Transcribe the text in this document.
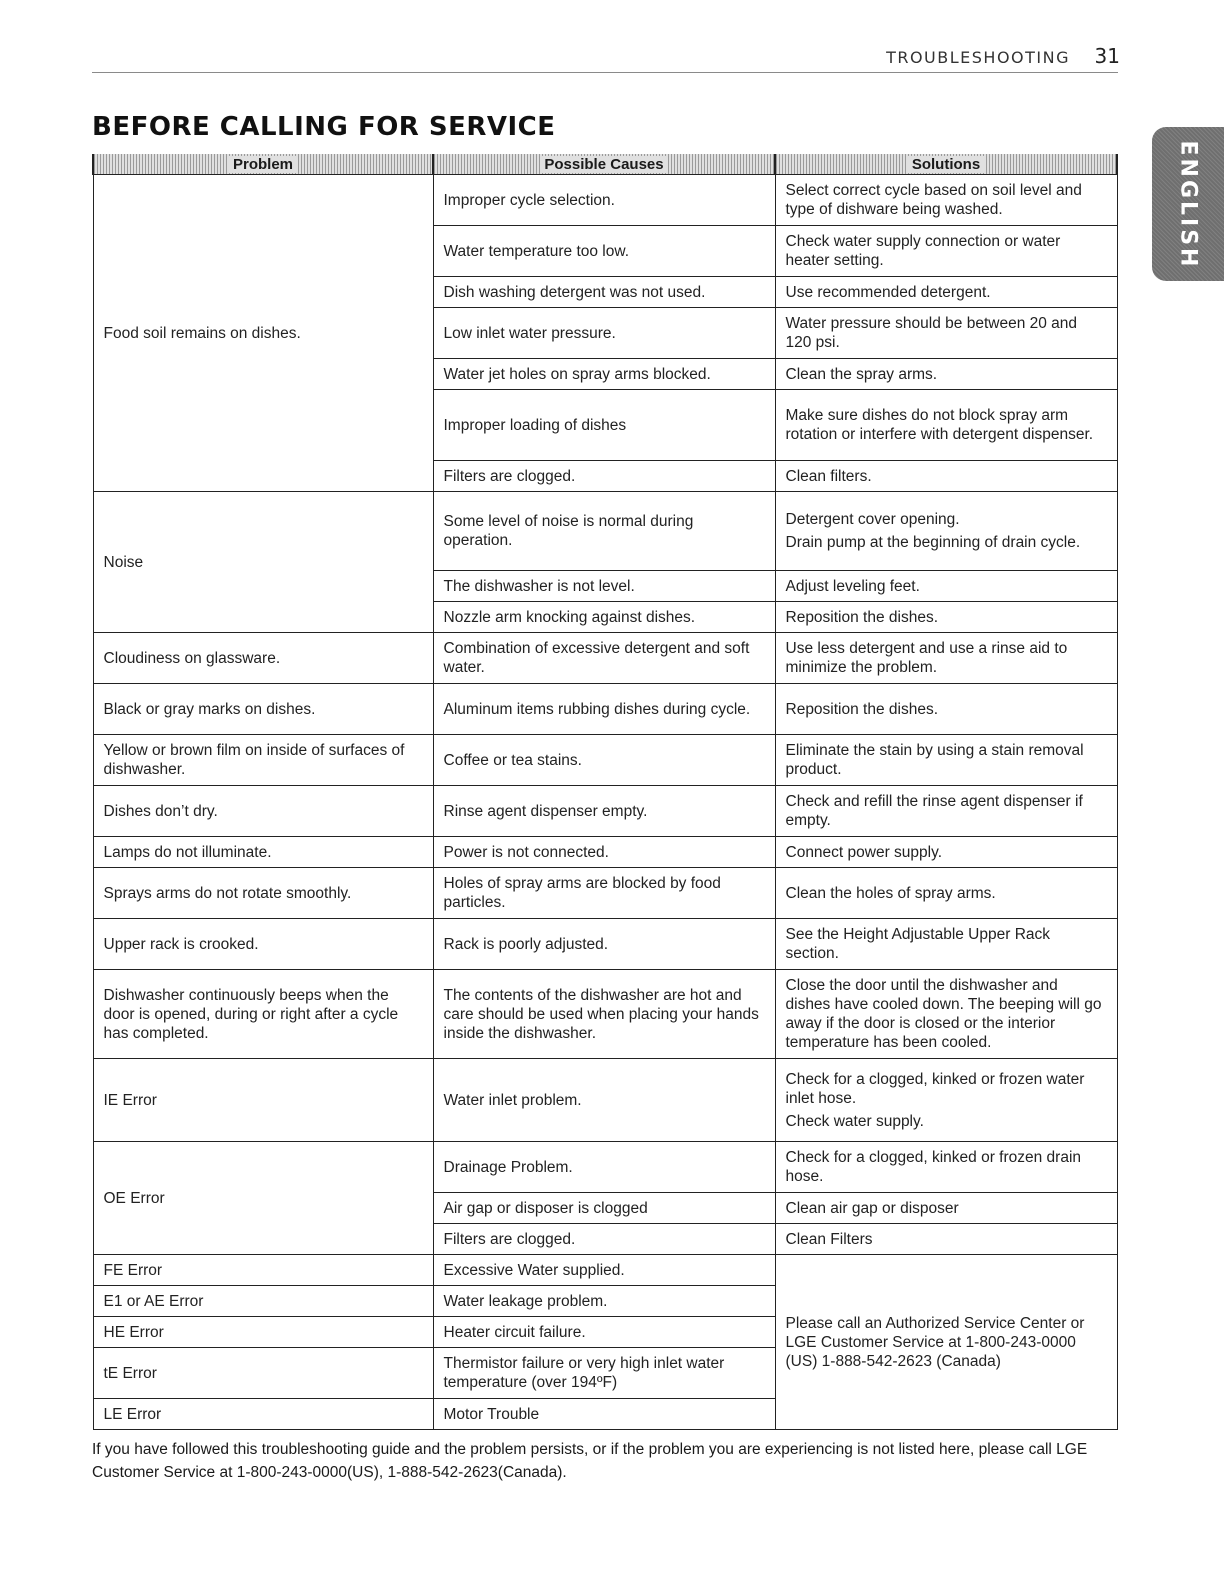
TROUBLESHOOTING	31
BEFORE CALLING FOR SERVICE
ENGLISH
Problem	Possible Causes	Solutions
Food soil remains on dishes.	Improper cycle selection.	Select correct cycle based on soil level and type of dishware being washed.
	Water temperature too low.	Check water supply connection or water heater setting.
	Dish washing detergent was not used.	Use recommended detergent.
	Low inlet water pressure.	Water pressure should be between 20 and 120 psi.
	Water jet holes on spray arms blocked.	Clean the spray arms.
	Improper loading of dishes	Make sure dishes do not block spray arm rotation or interfere with detergent dispenser.
	Filters are clogged.	Clean filters.
Noise	Some level of noise is normal during operation.	Detergent cover opening.
Drain pump at the beginning of drain cycle.

	The dishwasher is not level.	Adjust leveling feet.
	Nozzle arm knocking against dishes.	Reposition the dishes.
Cloudiness on glassware.	Combination of excessive detergent and soft water.	Use less detergent and use a rinse aid to minimize the problem.
Black or gray marks on dishes.	Aluminum items rubbing dishes during cycle.	Reposition the dishes.
Yellow or brown film on inside of surfaces of dishwasher.	Coffee or tea stains.	Eliminate the stain by using a stain removal product.
Dishes don’t dry.	Rinse agent dispenser empty.	Check and refill the rinse agent dispenser if empty.
Lamps do not illuminate.	Power is not connected.	Connect power supply.
Sprays arms do not rotate smoothly.	Holes of spray arms are blocked by food particles.	Clean the holes of spray arms.
Upper rack is crooked.	Rack is poorly adjusted.	See the Height Adjustable Upper Rack section.
Dishwasher continuously beeps when the door is opened, during or right after a cycle has completed.	The contents of the dishwasher are hot and care should be used when placing your hands inside the dishwasher.	Close the door until the dishwasher and dishes have cooled down. The beeping will go away if the door is closed or the interior temperature has been cooled.
IE Error	Water inlet problem.	Check for a clogged, kinked or frozen water inlet hose.
Check water supply.

OE Error	Drainage Problem.	Check for a clogged, kinked or frozen drain hose.
	Air gap or disposer is clogged	Clean air gap or disposer
	Filters are clogged.	Clean Filters
FE Error	Excessive Water supplied.	Please call an Authorized Service Center or LGE Customer Service at 1-800-243-0000 (US) 1-888-542-2623 (Canada)
E1 or AE Error	Water leakage problem.	
HE Error	Heater circuit failure.	
tE Error	Thermistor failure or very high inlet water temperature (over 194ºF)	
LE Error	Motor Trouble	

If you have followed this troubleshooting guide and the problem persists, or if the problem you are experiencing is not listed here, please call LGE Customer Service at 1-800-243-0000(US), 1-888-542-2623(Canada).
